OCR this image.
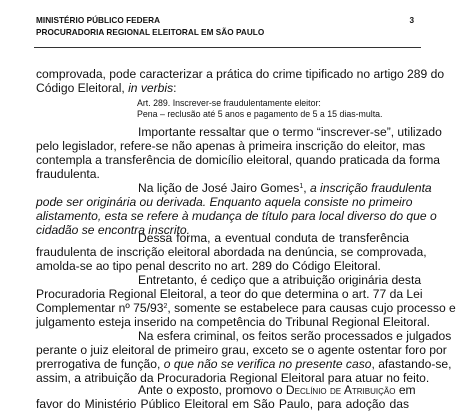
MINISTÉRIO PÚBLICO FEDERA
PROCURADORIA REGIONAL ELEITORAL EM SÃO PAULO
3
comprovada, pode caracterizar a prática do crime tipificado no artigo 289 do
Código Eleitoral, in verbis:
Art. 289. Inscrever-se fraudulentamente eleitor:
Pena – reclusão até 5 anos e pagamento de 5 a 15 dias-multa.
Importante ressaltar que o termo “inscrever-se”, utilizado
pelo legislador, refere-se não apenas à primeira inscrição do eleitor, mas
contempla a transferência de domicílio eleitoral, quando praticada da forma
fraudulenta.
Na lição de José Jairo Gomes$^1$, a inscrição fraudulenta
pode ser originária ou derivada. Enquanto aquela consiste no primeiro
alistamento, esta se refere à mudança de título para local diverso do que o
cidadão se encontra inscrito.
Dessa forma, a eventual conduta de transferência
fraudulenta de inscrição eleitoral abordada na denúncia, se comprovada,
amolda-se ao tipo penal descrito no art. 289 do Código Eleitoral.
Entretanto, é cediço que a atribuição originária desta
Procuradoria Regional Eleitoral, a teor do que determina o art. 77 da Lei
Complementar nº $75/93^2$, somente se estabelece para causas cujo processo e
julgamento esteja inserido na competência do Tribunal Regional Eleitoral.
Na esfera criminal, os feitos serão processados e julgados
perante o juiz eleitoral de primeiro grau, exceto se o agente ostentar foro por
prerrogativa de função, o que não se verifica no presente caso, afastando-se,
assim, a atribuição da Procuradoria Regional Eleitoral para atuar no feito.
Ante o exposto, promovo o Declínio de Atribuição em
favor do Ministério Público Eleitoral em São Paulo, para adoção das
